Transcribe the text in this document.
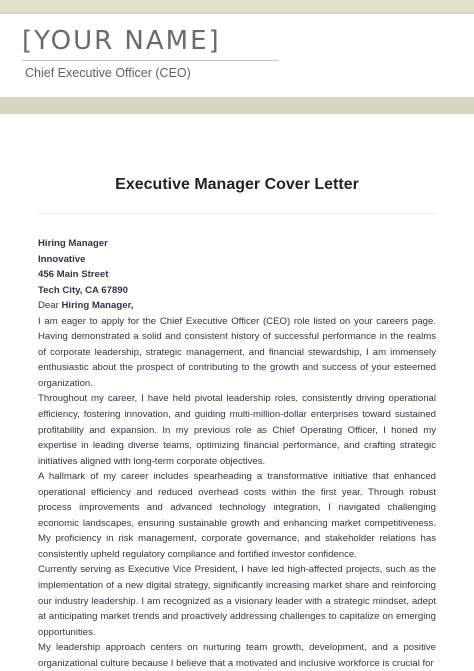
[YOUR NAME]
Chief Executive Officer (CEO)
Executive Manager Cover Letter
Hiring Manager
Innovative
456 Main Street
Tech City, CA 67890
Dear Hiring Manager,

I am eager to apply for the Chief Executive Officer (CEO) role listed on your careers page. Having demonstrated a solid and consistent history of successful performance in the realms of corporate leadership, strategic management, and financial stewardship, I am immensely enthusiastic about the prospect of contributing to the growth and success of your esteemed organization.

Throughout my career, I have held pivotal leadership roles, consistently driving operational efficiency, fostering innovation, and guiding multi-million-dollar enterprises toward sustained profitability and expansion. In my previous role as Chief Operating Officer, I honed my expertise in leading diverse teams, optimizing financial performance, and crafting strategic initiatives aligned with long-term corporate objectives.

A hallmark of my career includes spearheading a transformative initiative that enhanced operational efficiency and reduced overhead costs within the first year. Through robust process improvements and advanced technology integration, I navigated challenging economic landscapes, ensuring sustainable growth and enhancing market competitiveness. My proficiency in risk management, corporate governance, and stakeholder relations has consistently upheld regulatory compliance and fortified investor confidence.

Currently serving as Executive Vice President, I have led high-affected projects, such as the implementation of a new digital strategy, significantly increasing market share and reinforcing our industry leadership. I am recognized as a visionary leader with a strategic mindset, adept at anticipating market trends and proactively addressing challenges to capitalize on emerging opportunities.

My leadership approach centers on nurturing team growth, development, and a positive organizational culture because I believe that a motivated and inclusive workforce is crucial for
